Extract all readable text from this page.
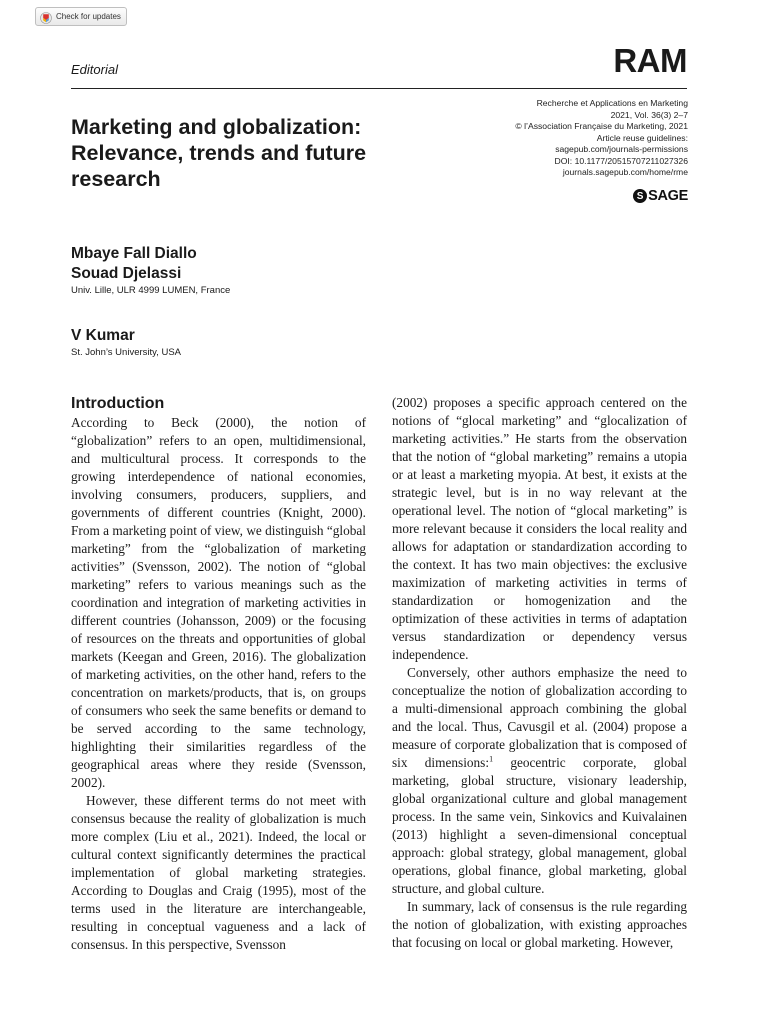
Check for updates
Editorial	RAM
Marketing and globalization: Relevance, trends and future research
Recherche et Applications en Marketing
2021, Vol. 36(3) 2–7
© l’Association Française du Marketing, 2021
Article reuse guidelines:
sagepub.com/journals-permissions
DOI: 10.1177/20515707211027326
journals.sagepub.com/home/rme
S SAGE
Mbaye Fall Diallo
Souad Djelassi
Univ. Lille, ULR 4999 LUMEN, France
V Kumar
St. John’s University, USA
Introduction

According to Beck (2000), the notion of “globalization” refers to an open, multidimensional, and multicultural process. It corresponds to the growing interdependence of national economies, involving consumers, producers, suppliers, and governments of different countries (Knight, 2000). From a marketing point of view, we distinguish “global marketing” from the “globalization of marketing activities” (Svensson, 2002). The notion of “global marketing” refers to various meanings such as the coordination and integration of marketing activities in different countries (Johansson, 2009) or the focusing of resources on the threats and opportunities of global markets (Keegan and Green, 2016). The globalization of marketing activities, on the other hand, refers to the concentration on markets/products, that is, on groups of consumers who seek the same benefits or demand to be served according to the same technology, highlighting their similarities regardless of the geographical areas where they reside (Svensson, 2002).

However, these different terms do not meet with consensus because the reality of globalization is much more complex (Liu et al., 2021). Indeed, the local or cultural context significantly determines the practical implementation of global marketing strategies. According to Douglas and Craig (1995), most of the terms used in the literature are interchangeable, resulting in conceptual vagueness and a lack of consensus. In this perspective, Svensson

(2002) proposes a specific approach centered on the notions of “glocal marketing” and “glocalization of marketing activities.” He starts from the observation that the notion of “global marketing” remains a utopia or at least a marketing myopia. At best, it exists at the strategic level, but is in no way relevant at the operational level. The notion of “glocal marketing” is more relevant because it considers the local reality and allows for adaptation or standardization according to the context. It has two main objectives: the exclusive maximization of marketing activities in terms of standardization or homogenization and the optimization of these activities in terms of adaptation versus standardization or dependency versus independence.

Conversely, other authors emphasize the need to conceptualize the notion of globalization according to a multi-dimensional approach combining the global and the local. Thus, Cavusgil et al. (2004) propose a measure of corporate globalization that is composed of six dimensions:$^1$ geocentric corporate, global marketing, global structure, visionary leadership, global organizational culture and global management process. In the same vein, Sinkovics and Kuivalainen (2013) highlight a seven-dimensional conceptual approach: global strategy, global management, global operations, global finance, global marketing, global structure, and global culture.

In summary, lack of consensus is the rule regarding the notion of globalization, with existing approaches that focusing on local or global marketing. However,
